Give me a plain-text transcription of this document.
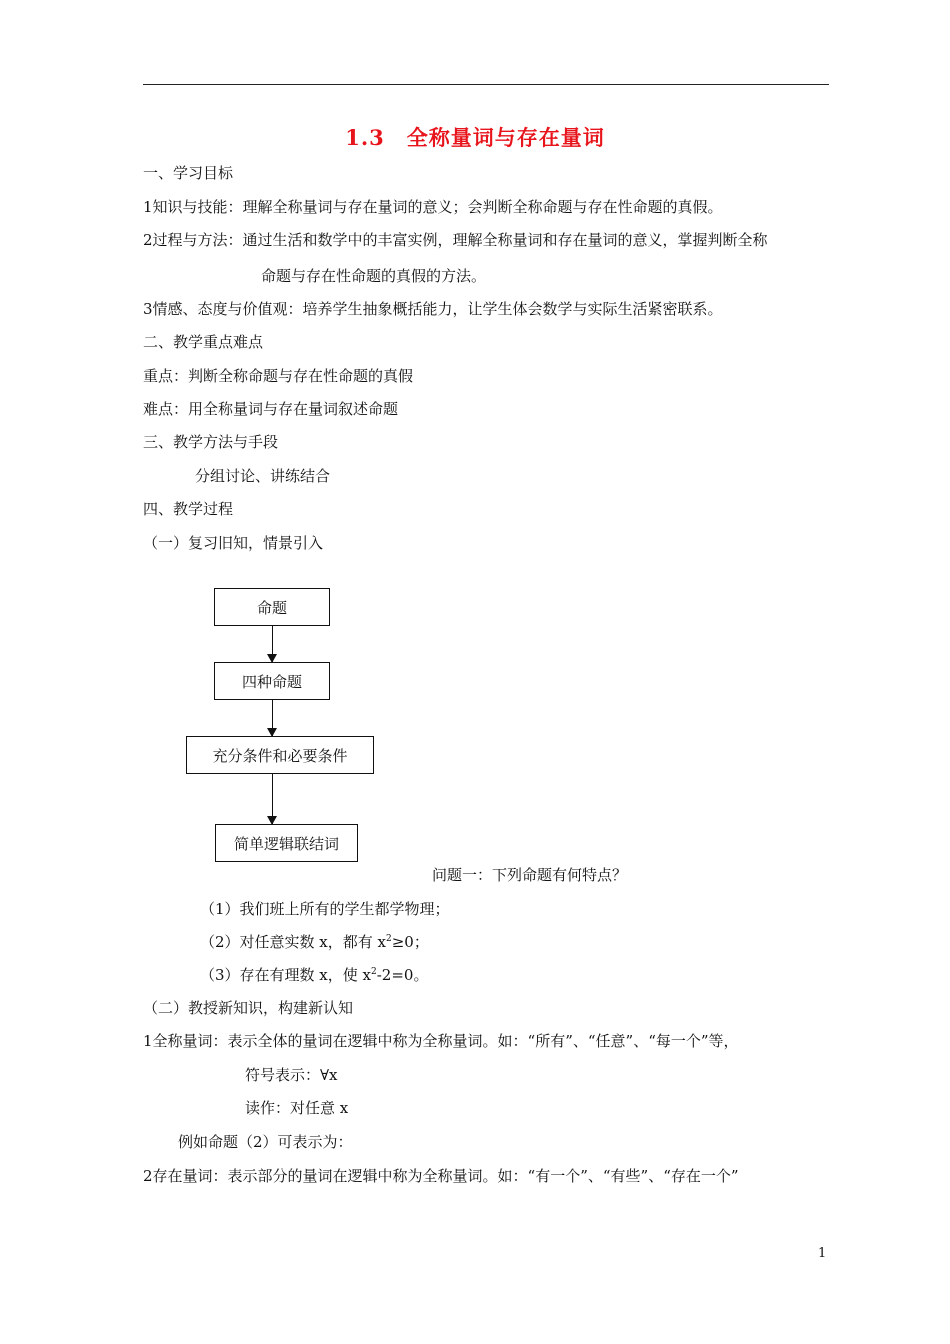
1.3　全称量词与存在量词
一、学习目标
1知识与技能：理解全称量词与存在量词的意义；会判断全称命题与存在性命题的真假。
2过程与方法：通过生活和数学中的丰富实例，理解全称量词和存在量词的意义，掌握判断全称
命题与存在性命题的真假的方法。
3情感、态度与价值观：培养学生抽象概括能力，让学生体会数学与实际生活紧密联系。
二、教学重点难点
重点：判断全称命题与存在性命题的真假
难点：用全称量词与存在量词叙述命题
三、教学方法与手段
分组讨论、讲练结合
四、教学过程
（一）复习旧知，情景引入
命题
四种命题
充分条件和必要条件
简单逻辑联结词
问题一：下列命题有何特点？
（1）我们班上所有的学生都学物理；
（2）对任意实数 x，都有 $x^2\ge 0$；
（3）存在有理数 x，使 $x^2-2=0$。
（二）教授新知识，构建新认知
1全称量词：表示全体的量词在逻辑中称为全称量词。如：“所有”、“任意”、“每一个”等，
符号表示：∀x
读作：对任意 x
例如命题（2）可表示为：
2存在量词：表示部分的量词在逻辑中称为全称量词。如：“有一个”、“有些”、“存在一个”
1
